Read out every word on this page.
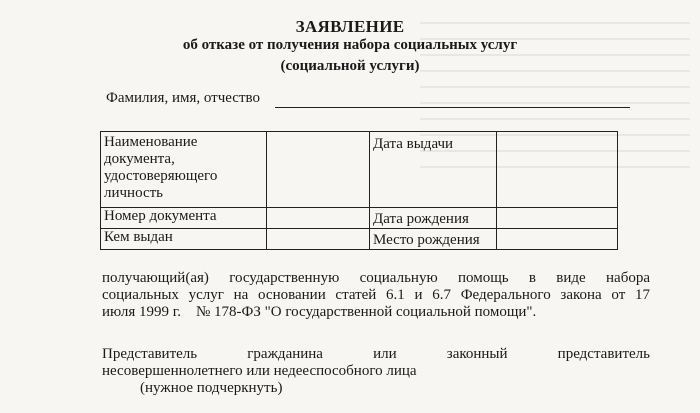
ЗАЯВЛЕНИЕ
об отказе от получения набора социальных услуг
(социальной услуги)
Фамилия, имя, отчество
Наименование документа, удостоверяющего личность		Дата выдачи	
Номер документа		Дата рождения	
Кем выдан		Место рождения	
получающий(ая) государственную социальную помощь в виде набора
социальных услуг на основании статей 6.1 и 6.7 Федерального закона от 17
июля 1999 г.    № 178-ФЗ "О государственной социальной помощи".
Представитель гражданина или законный представитель
несовершеннолетнего или недееспособного лица
(нужное подчеркнуть)
